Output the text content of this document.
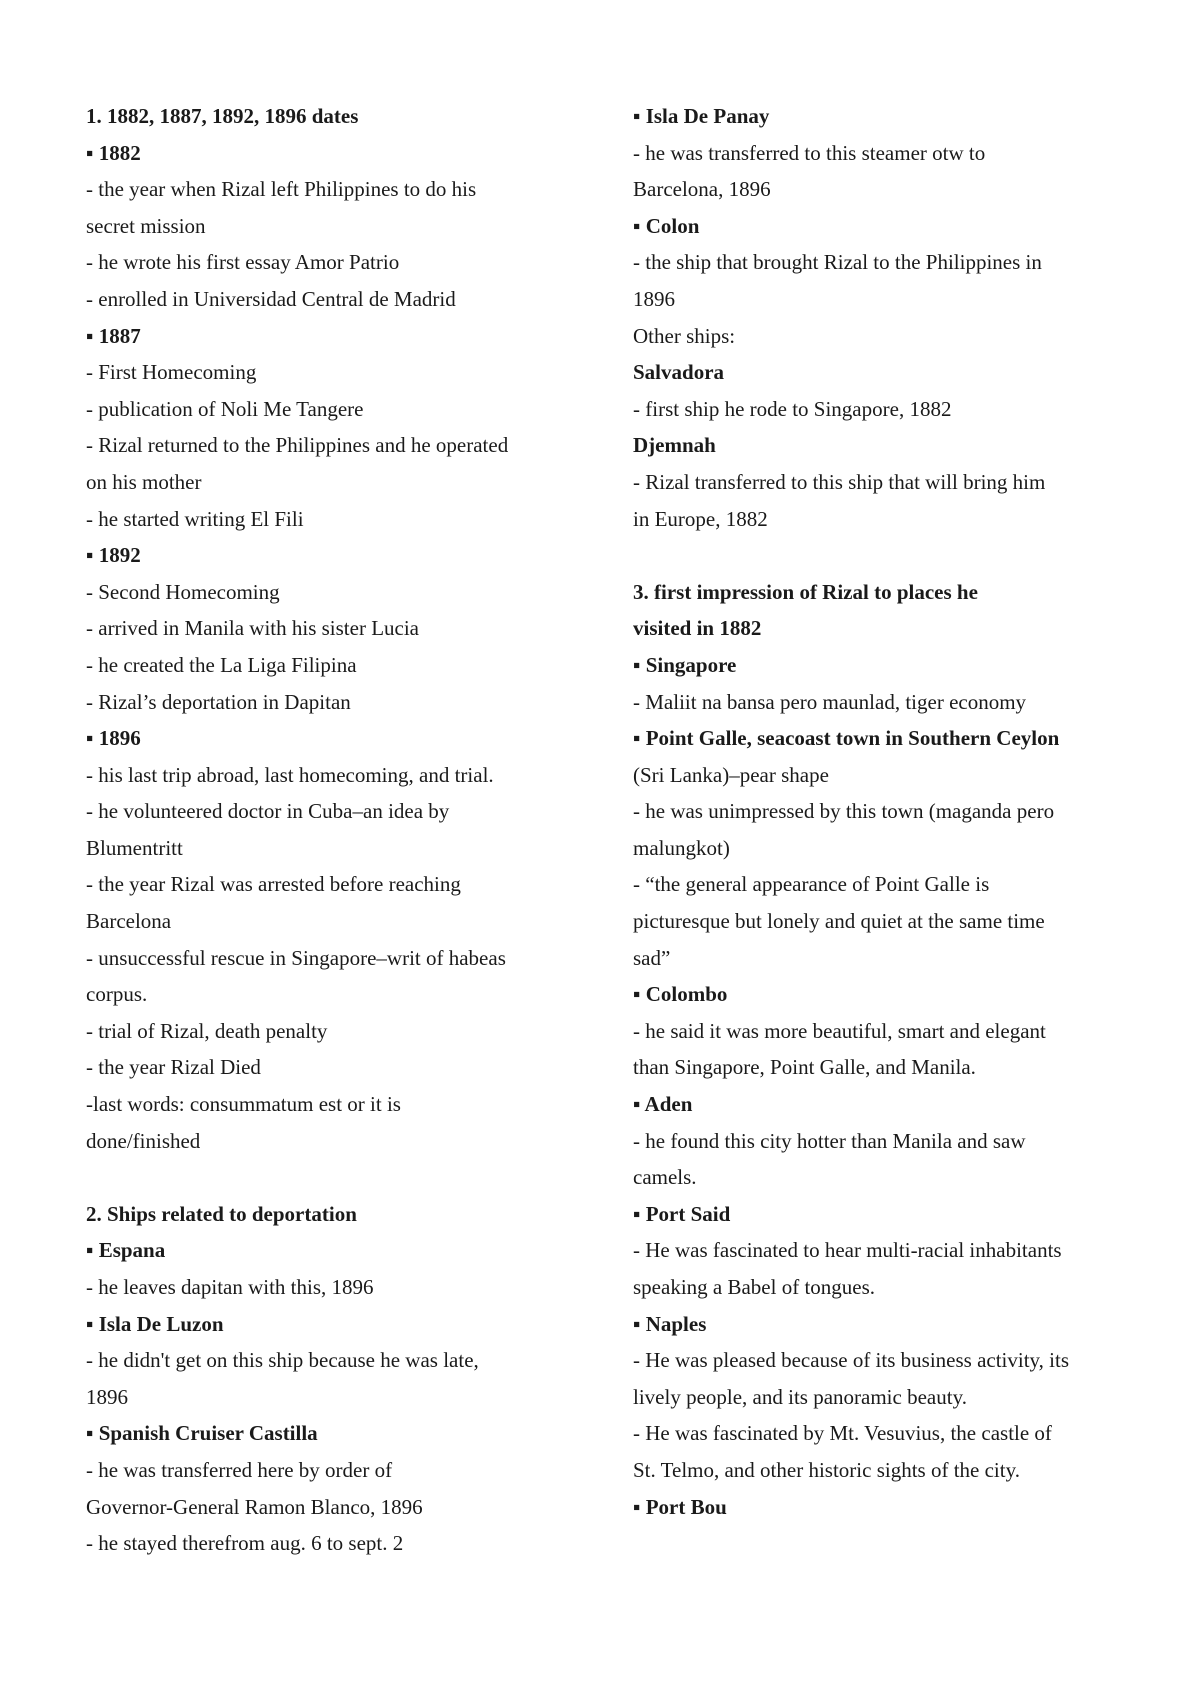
1. 1882, 1887, 1892, 1896 dates
▪ 1882
- the year when Rizal left Philippines to do his
secret mission
- he wrote his first essay Amor Patrio
- enrolled in Universidad Central de Madrid
▪ 1887
- First Homecoming
- publication of Noli Me Tangere
- Rizal returned to the Philippines and he operated
on his mother
- he started writing El Fili
▪ 1892
- Second Homecoming
- arrived in Manila with his sister Lucia
- he created the La Liga Filipina
- Rizal’s deportation in Dapitan
▪ 1896
- his last trip abroad, last homecoming, and trial.
- he volunteered doctor in Cuba–an idea by
Blumentritt
- the year Rizal was arrested before reaching
Barcelona
- unsuccessful rescue in Singapore–writ of habeas
corpus.
- trial of Rizal, death penalty
- the year Rizal Died
-last words: consummatum est or it is
done/finished
2. Ships related to deportation
▪ Espana
- he leaves dapitan with this, 1896
▪ Isla De Luzon
- he didn't get on this ship because he was late,
1896
▪ Spanish Cruiser Castilla
- he was transferred here by order of
Governor-General Ramon Blanco, 1896
- he stayed therefrom aug. 6 to sept. 2
▪ Isla De Panay
- he was transferred to this steamer otw to
Barcelona, 1896
▪ Colon
- the ship that brought Rizal to the Philippines in
1896
Other ships:
Salvadora
- first ship he rode to Singapore, 1882
Djemnah
- Rizal transferred to this ship that will bring him
in Europe, 1882
3. first impression of Rizal to places he
visited in 1882
▪ Singapore
- Maliit na bansa pero maunlad, tiger economy
▪ Point Galle, seacoast town in Southern Ceylon
(Sri Lanka)–pear shape
- he was unimpressed by this town (maganda pero
malungkot)
- “the general appearance of Point Galle is
picturesque but lonely and quiet at the same time
sad”
▪ Colombo
- he said it was more beautiful, smart and elegant
than Singapore, Point Galle, and Manila.
▪ Aden
- he found this city hotter than Manila and saw
camels.
▪ Port Said
- He was fascinated to hear multi-racial inhabitants
speaking a Babel of tongues.
▪ Naples
- He was pleased because of its business activity, its
lively people, and its panoramic beauty.
- He was fascinated by Mt. Vesuvius, the castle of
St. Telmo, and other historic sights of the city.
▪ Port Bou
